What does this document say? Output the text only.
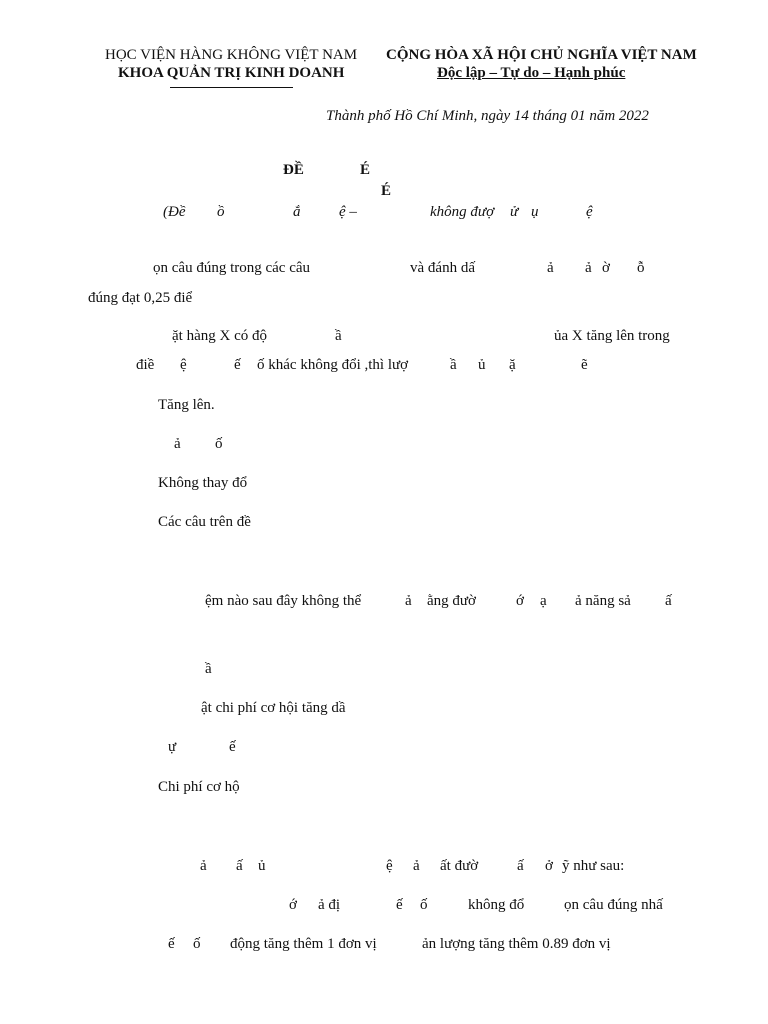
HỌC VIỆN HÀNG KHÔNG VIỆT NAM
KHOA QUẢN TRỊ KINH DOANH
CỘNG HÒA XÃ HỘI CHỦ NGHĨA VIỆT NAM
Độc lập – Tự do – Hạnh phúc
Thành phố Hồ Chí Minh, ngày 14 tháng 01 năm 2022
ĐỀ	É
É
(Đề ồ	ắ	ệ –	không đượ ử ụ	ệ
ọn câu đúng trong các câu	và đánh dấ	ả ả ờ ỗ
đúng đạt 0,25 điể
ặt hàng X có độ	ầ	ủa X tăng lên trong
điề ệ	ế ố khác không đổi ,thì lượ	ầ ủ ặ	ẽ
Tăng lên.
ả ố
Không thay đổ
Các câu trên đề
ệm nào sau đây không thể	ả ằng đườ	ớ ạ ả năng sả ấ
ầ
ật chi phí cơ hội tăng dầ
ự	ế
Chi phí cơ hộ
ả ấ ủ	ệ ả ất đườ	ấ ở ỹ như sau:
ớ ả đị	ế ố	không đổ	ọn câu đúng nhấ
ế ố động tăng thêm 1 đơn vị	ản lượng tăng thêm 0.89 đơn vị
